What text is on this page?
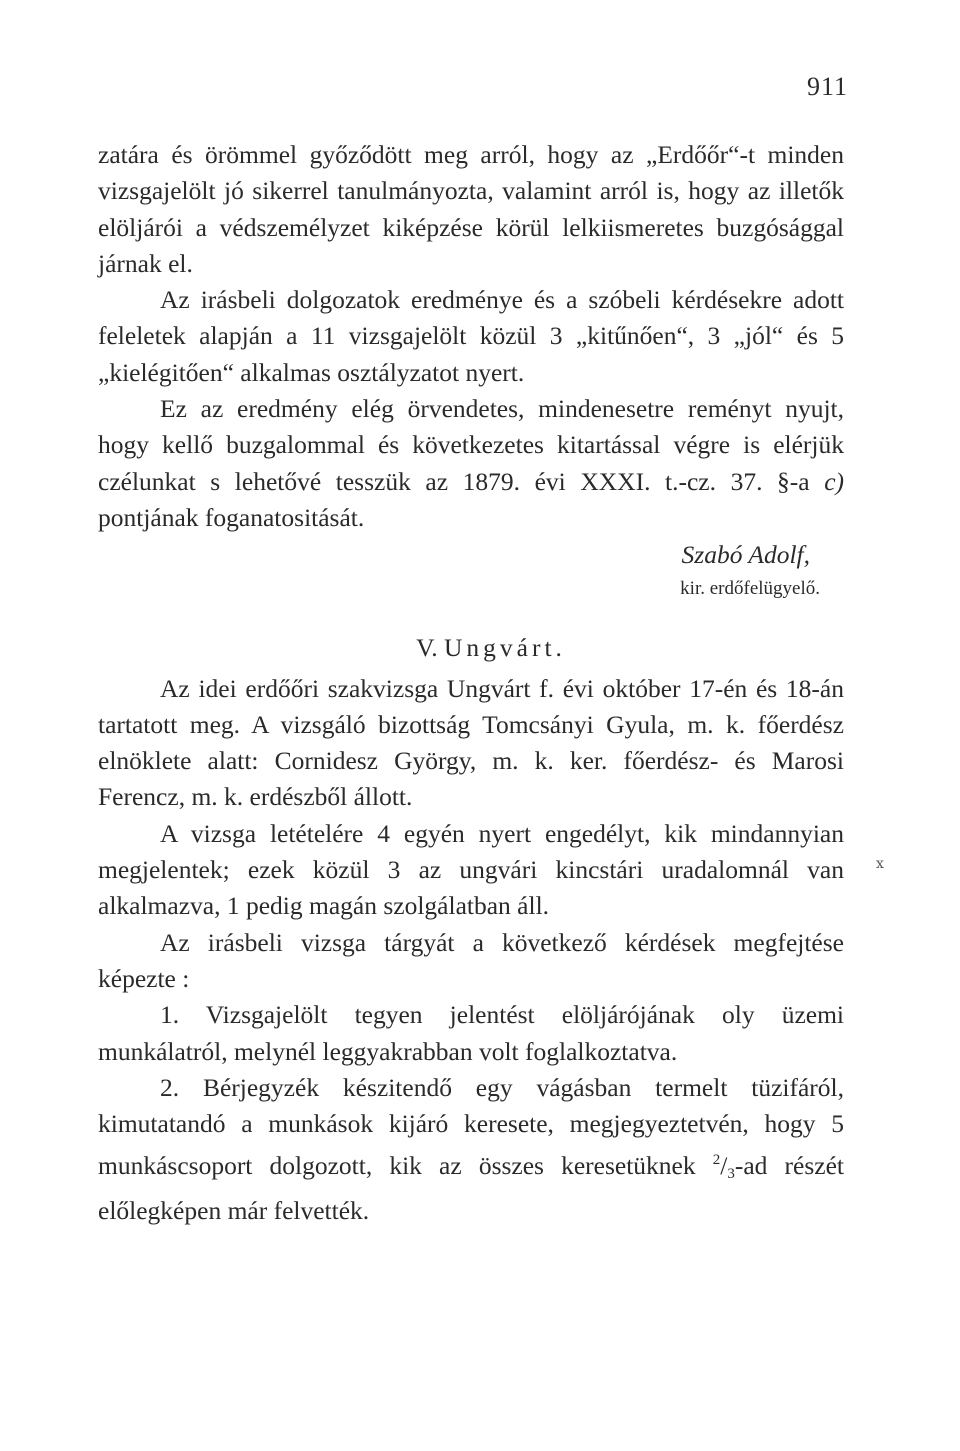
911
ⅹ

zatára és örömmel győződött meg arról, hogy az „Erdőőr“-t minden vizsgajelölt jó sikerrel tanulmányozta, valamint arról is, hogy az illetők elöljárói a védszemélyzet kiképzése körül lelkiismeretes buzgósággal járnak el.

Az irásbeli dolgozatok eredménye és a szóbeli kérdésekre adott feleletek alapján a 11 vizsgajelölt közül 3 „kitűnően“, 3 „jól“ és 5 „kielégitően“ alkalmas osztályzatot nyert.

Ez az eredmény elég örvendetes, mindenesetre reményt nyujt, hogy kellő buzgalommal és következetes kitartással végre is elérjük czélunkat s lehetővé tesszük az 1879. évi XXXI. t.-cz. 37. §-a c) pontjának foganatositását.

Szabó Adolf,
kir. erdőfelügyelő.
V. Ungvárt.

Az idei erdőőri szakvizsga Ungvárt f. évi október 17-én és 18-án tartatott meg. A vizsgáló bizottság Tomcsányi Gyula, m. k. főerdész elnöklete alatt: Cornidesz György, m. k. ker. főerdész- és Marosi Ferencz, m. k. erdészből állott.

A vizsga letételére 4 egyén nyert engedélyt, kik mindannyian megjelentek; ezek közül 3 az ungvári kincstári uradalomnál van alkalmazva, 1 pedig magán szolgálatban áll.

Az irásbeli vizsga tárgyát a következő kérdések megfejtése képezte :

1. Vizsgajelölt tegyen jelentést elöljárójának oly üzemi munkálatról, melynél leggyakrabban volt foglalkoztatva.

2. Bérjegyzék készitendő egy vágásban termelt tüzifáról, kimutatandó a munkások kijáró keresete, megjegyeztetvén, hogy 5 munkáscsoport dolgozott, kik az összes keresetüknek $^2$/3-ad részét előlegképen már felvették.
